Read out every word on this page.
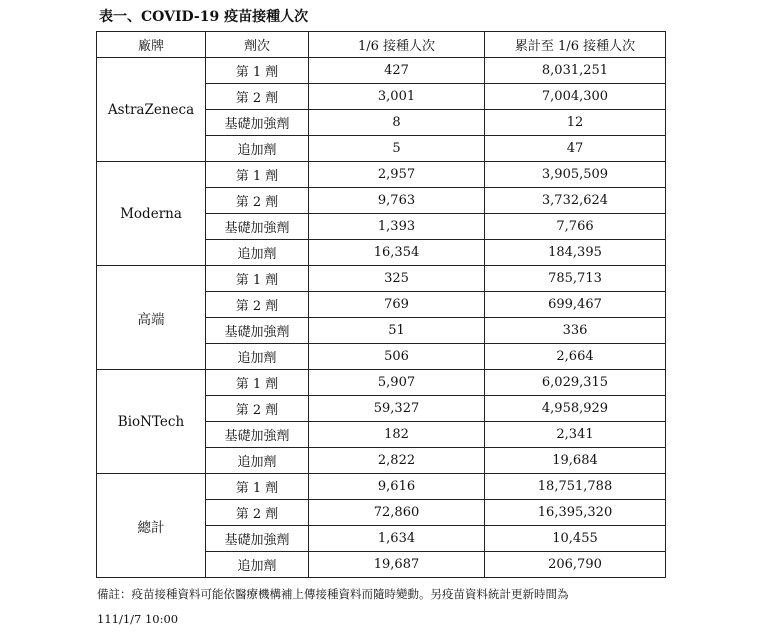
表一、COVID-19 疫苗接種人次
廠牌	劑次	1/6 接種人次	累計至 1/6 接種人次
AstraZeneca	第 1 劑	427	8,031,251
	第 2 劑	3,001	7,004,300
	基礎加強劑	8	12
	追加劑	5	47
Moderna	第 1 劑	2,957	3,905,509
	第 2 劑	9,763	3,732,624
	基礎加強劑	1,393	7,766
	追加劑	16,354	184,395
高端	第 1 劑	325	785,713
	第 2 劑	769	699,467
	基礎加強劑	51	336
	追加劑	506	2,664
BioNTech	第 1 劑	5,907	6,029,315
	第 2 劑	59,327	4,958,929
	基礎加強劑	182	2,341
	追加劑	2,822	19,684
總計	第 1 劑	9,616	18,751,788
	第 2 劑	72,860	16,395,320
	基礎加強劑	1,634	10,455
	追加劑	19,687	206,790
備註：疫苗接種資料可能依醫療機構補上傳接種資料而隨時變動。另疫苗資料統計更新時間為
111/1/7 10:00
